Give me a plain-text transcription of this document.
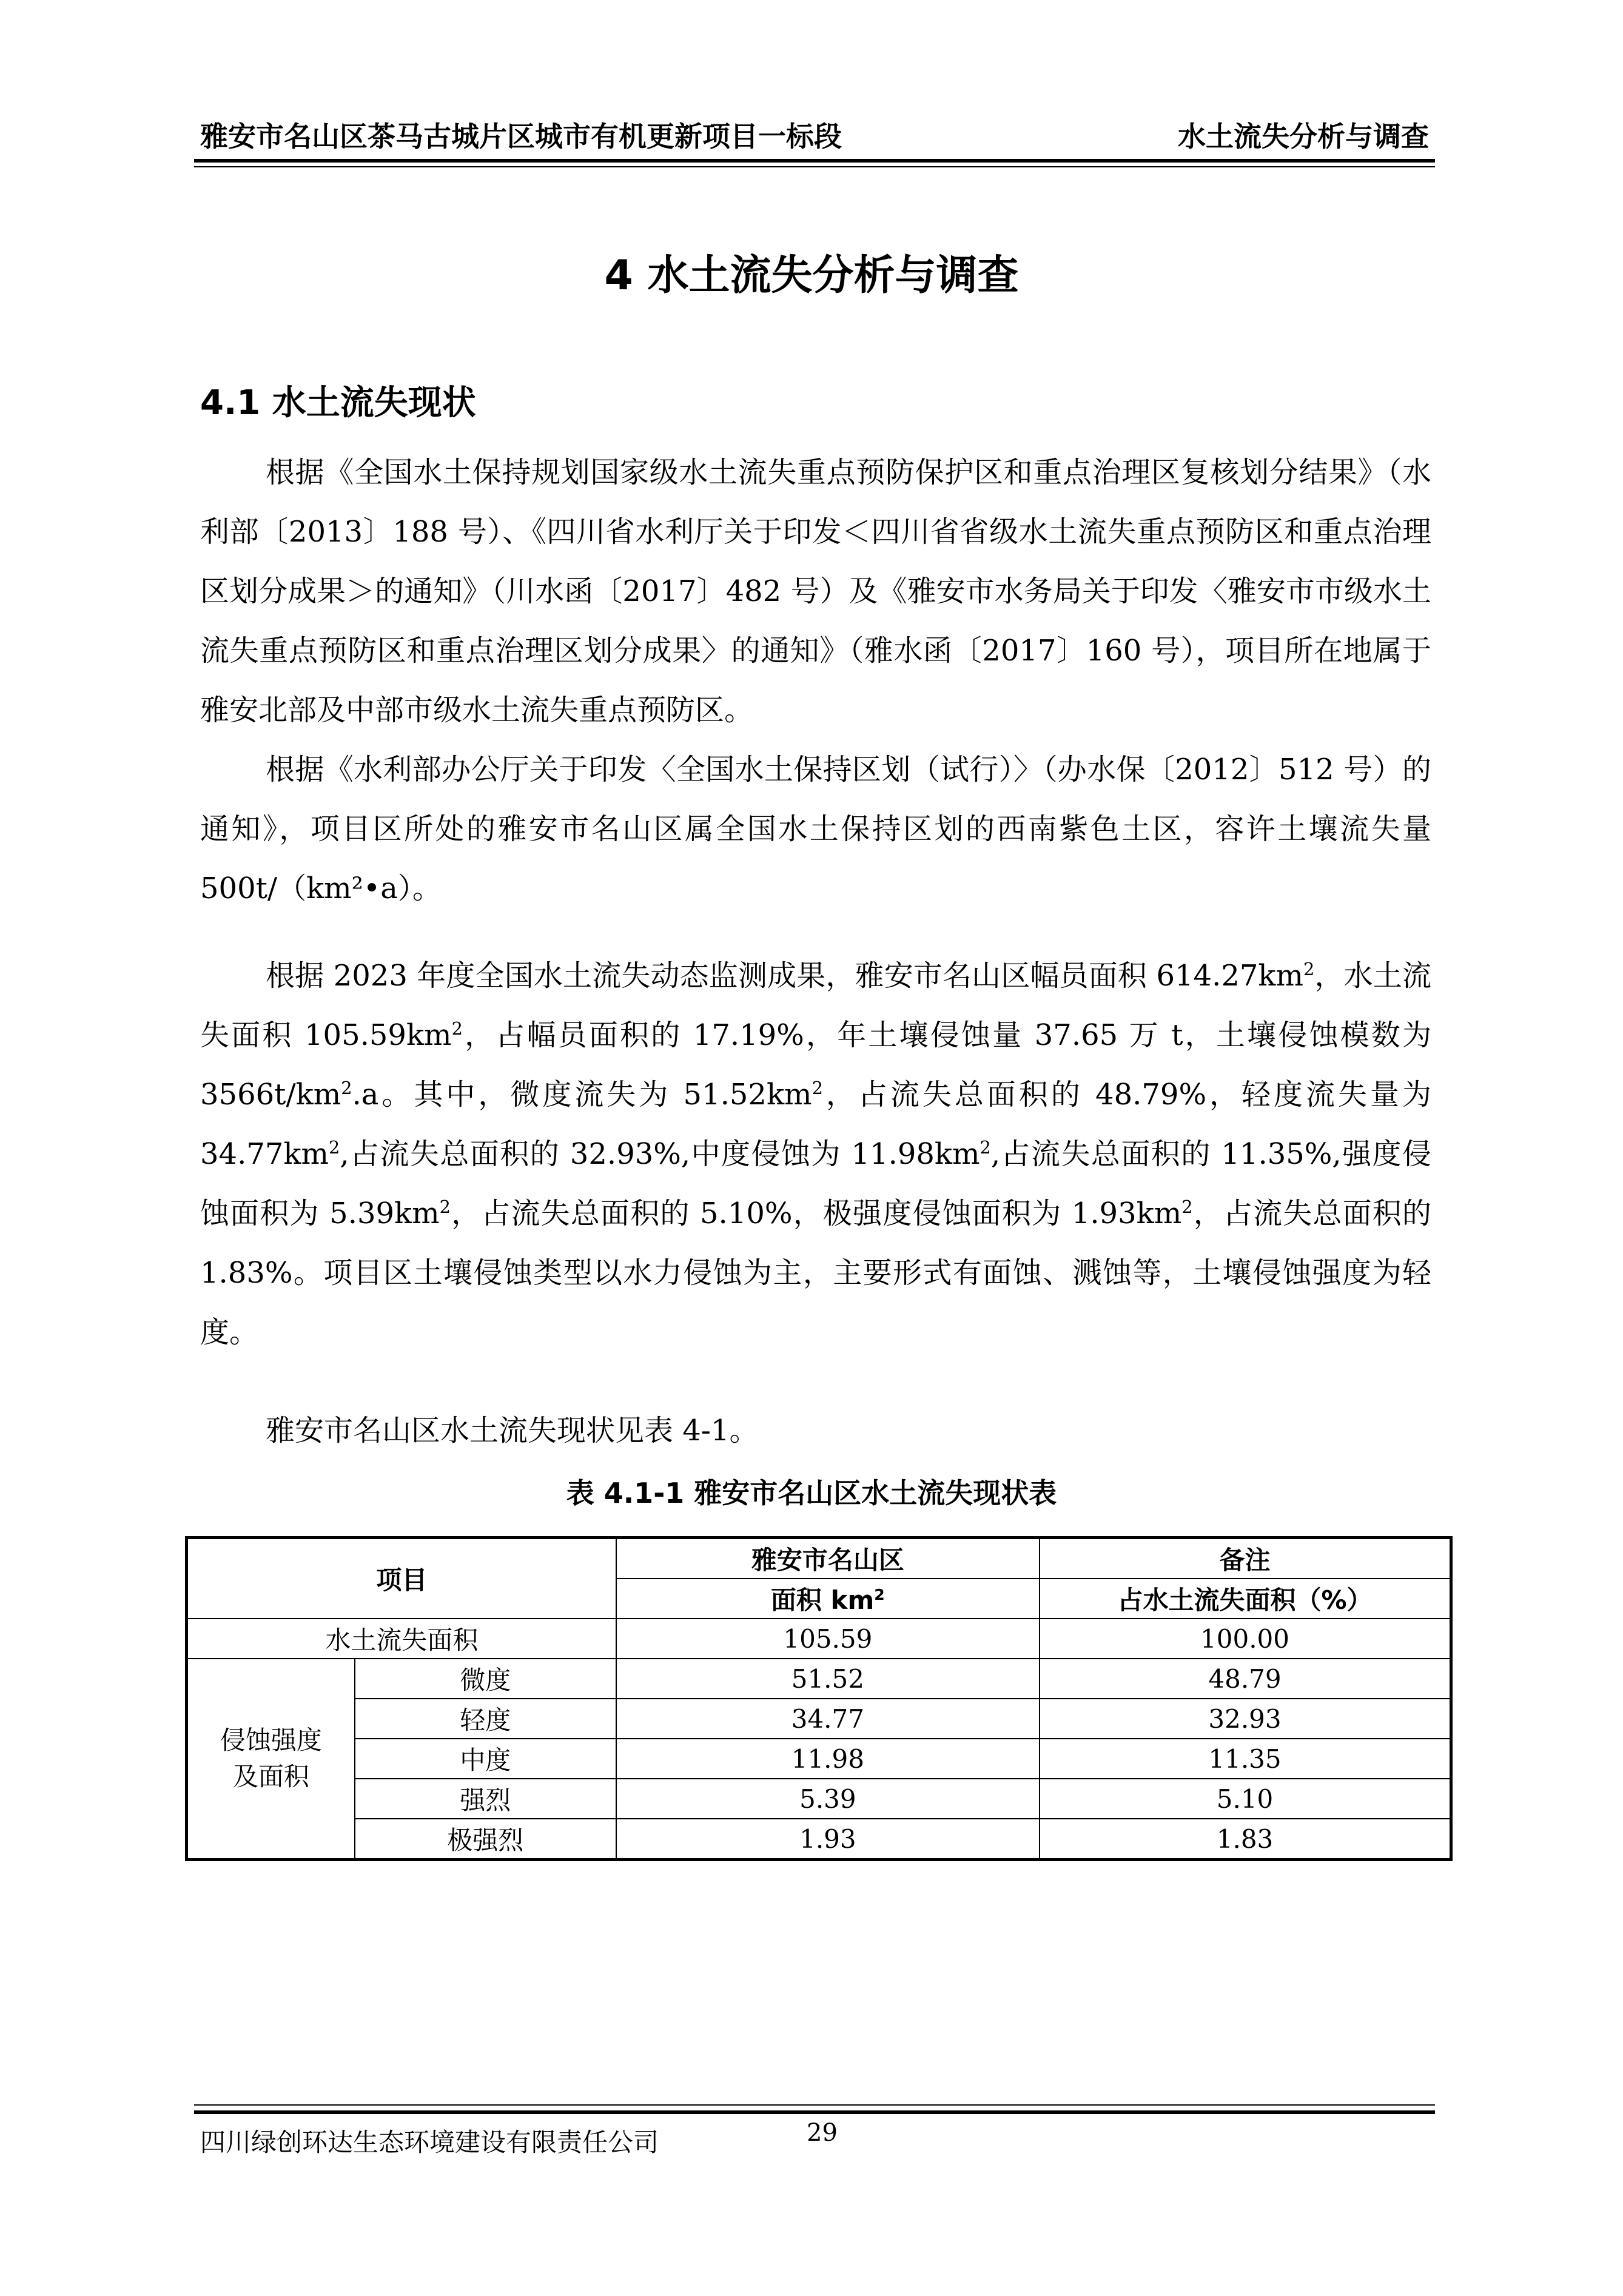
雅安市名山区茶马古城片区城市有机更新项目一标段	水土流失分析与调查
4 水土流失分析与调查
4.1 水土流失现状

根据《全国水土保持规划国家级水土流失重点预防保护区和重点治理区复核划分结果》（水利部〔2013〕188 号）、《四川省水利厅关于印发＜四川省省级水土流失重点预防区和重点治理区划分成果＞的通知》（川水函〔2017〕482 号）及《雅安市水务局关于印发〈雅安市市级水土流失重点预防区和重点治理区划分成果〉的通知》（雅水函〔2017〕160 号），项目所在地属于雅安北部及中部市级水土流失重点预防区。

根据《水利部办公厅关于印发〈全国水土保持区划（试行）〉（办水保〔2012〕512 号）的通知》，项目区所处的雅安市名山区属全国水土保持区划的西南紫色土区，容许土壤流失量 500t/（km²•a）。

根据 2023 年度全国水土流失动态监测成果，雅安市名山区幅员面积 $614.27km^2$，水土流失面积 $105.59km^2$，占幅员面积的 17.19%，年土壤侵蚀量 37.65 万 t，土壤侵蚀模数为 $3566t/km^2.a$。其中，微度流失为 $51.52km^2$，占流失总面积的 48.79%，轻度流失量为 $34.77km^2$,占流失总面积的 32.93%,中度侵蚀为 $11.98km^2$,占流失总面积的 11.35%,强度侵蚀面积为 $5.39km^2$，占流失总面积的 5.10%，极强度侵蚀面积为 $1.93km^2$，占流失总面积的 1.83%。项目区土壤侵蚀类型以水力侵蚀为主，主要形式有面蚀、溅蚀等，土壤侵蚀强度为轻度。

雅安市名山区水土流失现状见表 4-1。

表 4.1-1 雅安市名山区水土流失现状表
项目		雅安市名山区	备注
		面积 $km^2$	占水土流失面积（%）
水土流失面积		105.59	100.00
侵蚀强度
及面积	微度	51.52	48.79
	轻度	34.77	32.93
	中度	11.98	11.35
	强烈	5.39	5.10
	极强烈	1.93	1.83
四川绿创环达生态环境建设有限责任公司	29
